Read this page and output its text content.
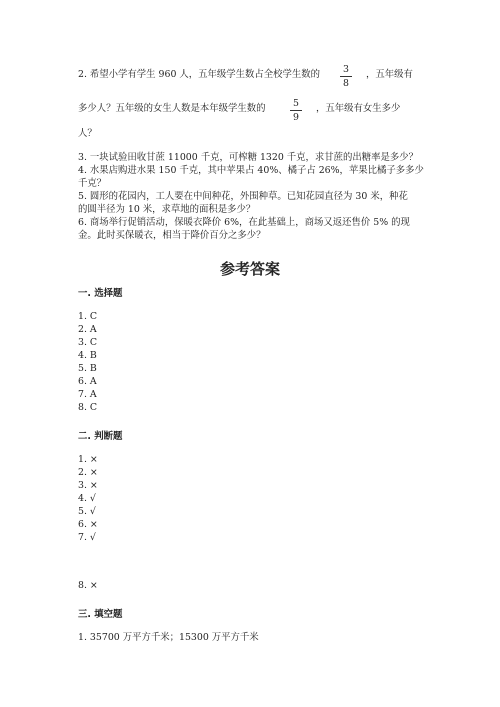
2. 希望小学有学生 960 人，五年级学生数占全校学生数的	3
8
，五年级有
多少人？五年级的女生人数是本年级学生数的	5
9
，五年级有女生多少
人？
3. 一块试验田收甘蔗 11000 千克，可榨糖 1320 千克，求甘蔗的出糖率是多少？
4. 水果店购进水果 150 千克，其中苹果占 40%、橘子占 26%，苹果比橘子多多少
千克？
5. 圆形的花园内，工人要在中间种花，外围种草。已知花园直径为 30 米，种花
的圆半径为 10 米，求草地的面积是多少？
6. 商场举行促销活动，保暖衣降价 6%，在此基础上，商场又返还售价 5% 的现
金。此时买保暖衣，相当于降价百分之多少？
参考答案
一. 选择题
1. C
2. A
3. C
4. B
5. B
6. A
7. A
8. C
二. 判断题
1. ×
2. ×
3. ×
4. √
5. √
6. ×
7. √
8. ×
三. 填空题
1. 35700 万平方千米；15300 万平方千米
